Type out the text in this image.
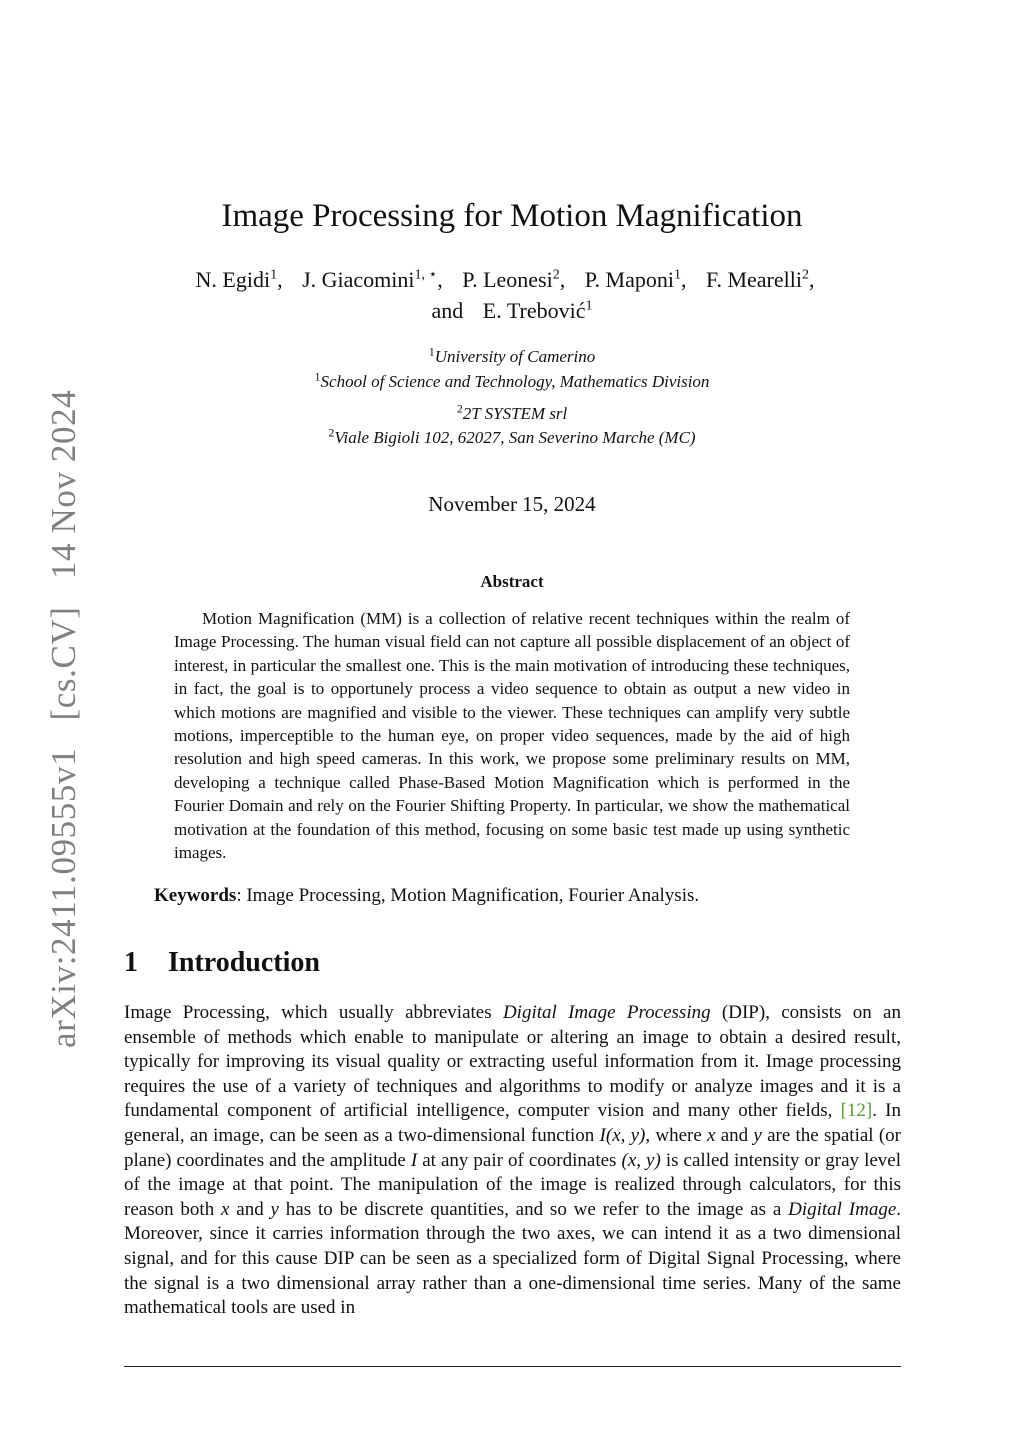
arXiv:2411.09555v1 [cs.CV] 14 Nov 2024
Image Processing for Motion Magnification
N. Egidi$^1$, J. Giacomini$^{1, ⋆}$, P. Leonesi$^2$, P. Maponi$^1$, F. Mearelli$^2$, and E. Trebović$^1$
$^1$University of Camerino
$^1$School of Science and Technology, Mathematics Division
$^2$2T SYSTEM srl
$^2$Viale Bigioli 102, 62027, San Severino Marche (MC)
November 15, 2024
Abstract
Motion Magnification (MM) is a collection of relative recent techniques within the realm of Image Processing. The human visual field can not capture all possible displacement of an object of interest, in particular the smallest one. This is the main motivation of introducing these techniques, in fact, the goal is to opportunely process a video sequence to obtain as output a new video in which motions are magnified and visible to the viewer. These techniques can amplify very subtle motions, imperceptible to the human eye, on proper video sequences, made by the aid of high resolution and high speed cameras. In this work, we propose some preliminary results on MM, developing a technique called Phase-Based Motion Magnification which is performed in the Fourier Domain and rely on the Fourier Shifting Property. In particular, we show the mathematical motivation at the foundation of this method, focusing on some basic test made up using synthetic images.
Keywords: Image Processing, Motion Magnification, Fourier Analysis.
1 Introduction
Image Processing, which usually abbreviates Digital Image Processing (DIP), consists on an ensemble of methods which enable to manipulate or altering an image to obtain a desired result, typically for improving its visual quality or extracting useful information from it. Image processing requires the use of a variety of techniques and algorithms to modify or analyze images and it is a fundamental component of artificial intelligence, computer vision and many other fields, [12]. In general, an image, can be seen as a two-dimensional function I(x, y), where x and y are the spatial (or plane) coordinates and the amplitude I at any pair of coordinates (x, y) is called intensity or gray level of the image at that point. The manipulation of the image is realized through calculators, for this reason both x and y has to be discrete quantities, and so we refer to the image as a Digital Image. Moreover, since it carries information through the two axes, we can intend it as a two dimensional signal, and for this cause DIP can be seen as a specialized form of Digital Signal Processing, where the signal is a two dimensional array rather than a one-dimensional time series. Many of the same mathematical tools are used in
